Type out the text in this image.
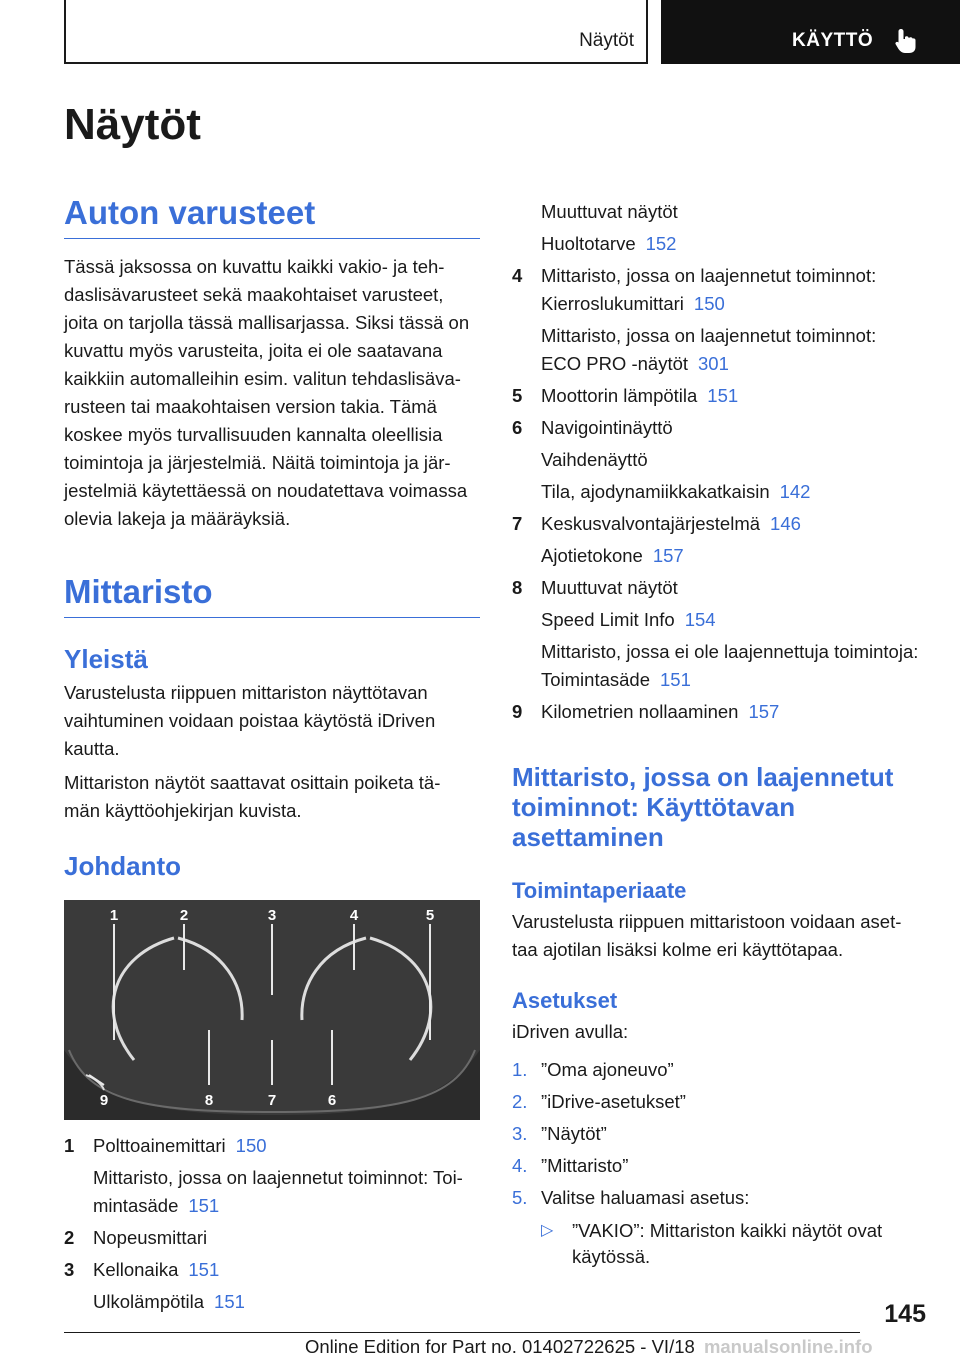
Näytöt	KÄYTTÖ
Näytöt
Auton varusteet
Tässä jaksossa on kuvattu kaikki vakio- ja teh-
daslisävarusteet sekä maakohtaiset varusteet,
joita on tarjolla tässä mallisarjassa. Siksi tässä on
kuvattu myös varusteita, joita ei ole saatavana
kaikkiin automalleihin esim. valitun tehdaslisäva-
rusteen tai maakohtaisen version takia. Tämä
koskee myös turvallisuuden kannalta oleellisia
toimintoja ja järjestelmiä. Näitä toimintoja ja jär-
jestelmiä käytettäessä on noudatettava voimassa
olevia lakeja ja määräyksiä.
Mittaristo
Yleistä
Varustelusta riippuen mittariston näyttötavan
vaihtuminen voidaan poistaa käytöstä iDriven
kautta.
Mittariston näytöt saattavat osittain poiketa tä-
män käyttöohjekirjan kuvista.
Johdanto
1	2	3	4	5
9	8	7	6
1 Polttoainemittari 150
Mittaristo, jossa on laajennetut toiminnot: Toi-
mintasäde 151
2 Nopeusmittari
3 Kellonaika 151
Ulkolämpötila 151
Muuttuvat näytöt
Huoltotarve 152
4 Mittaristo, jossa on laajennetut toiminnot:
Kierroslukumittari 150
Mittaristo, jossa on laajennetut toiminnot:
ECO PRO -näytöt 301
5 Moottorin lämpötila 151
6 Navigointinäyttö
Vaihdenäyttö
Tila, ajodynamiikkakatkaisin 142
7 Keskusvalvontajärjestelmä 146
Ajotietokone 157
8 Muuttuvat näytöt
Speed Limit Info 154
Mittaristo, jossa ei ole laajennettuja toimintoja:
Toimintasäde 151
9 Kilometrien nollaaminen 157
Mittaristo, jossa on laajennetut
toiminnot: Käyttötavan
asettaminen
Toimintaperiaate
Varustelusta riippuen mittaristoon voidaan aset-
taa ajotilan lisäksi kolme eri käyttötapaa.
Asetukset
iDriven avulla:
1. ”Oma ajoneuvo”
2. ”iDrive-asetukset”
3. ”Näytöt”
4. ”Mittaristo”
5. Valitse haluamasi asetus:
▷ ”VAKIO”: Mittariston kaikki näytöt ovat
käytössä.
145
Online Edition for Part no. 01402722625 - VI/18 manualsonline.info
